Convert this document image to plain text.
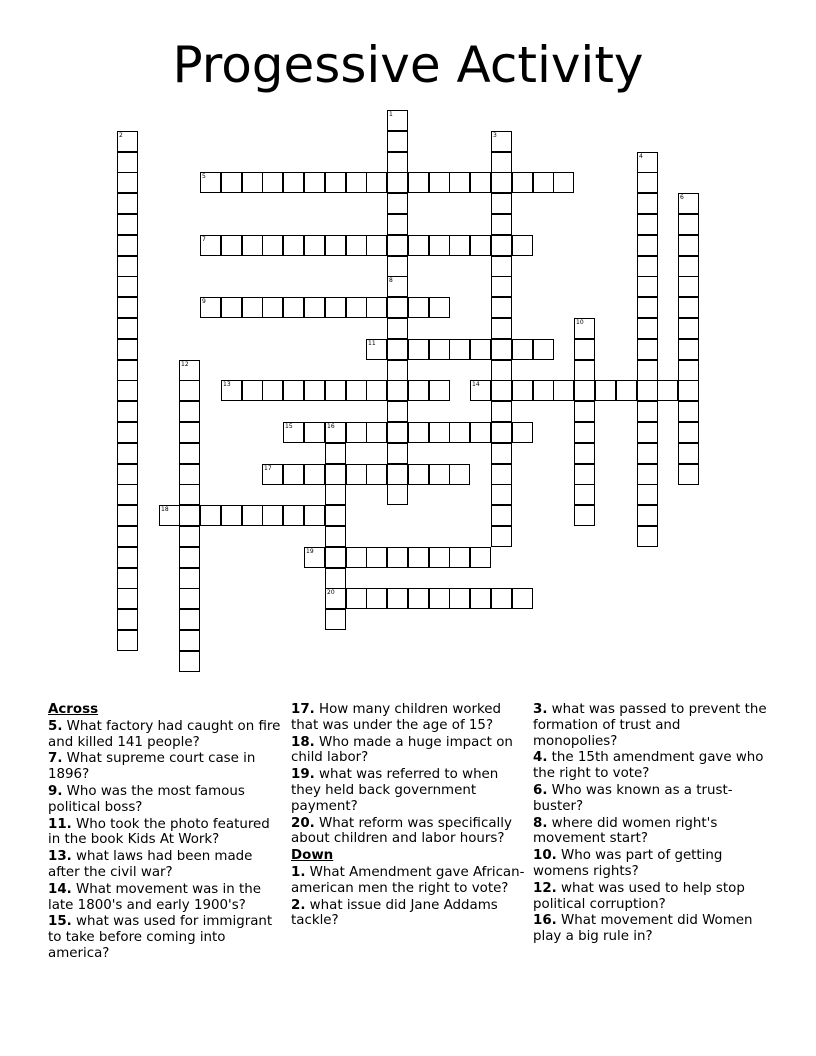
Progessive Activity
1
8
2	3
4
5
6
7
9
10
11
12
13	14
15	16
20
17
18
19
Across
5. What factory had caught on fire and killed 141 people?
7. What supreme court case in 1896?
9. Who was the most famous political boss?
11. Who took the photo featured in the book Kids At Work?
13. what laws had been made after the civil war?
14. What movement was in the late 1800's and early 1900's?
15. what was used for immigrant to take before coming into america?
17. How many children worked that was under the age of 15?
18. Who made a huge impact on child labor?
19. what was referred to when they held back government payment?
20. What reform was specifically about children and labor hours?
Down
1. What Amendment gave African-american men the right to vote?
2. what issue did Jane Addams tackle?
3. what was passed to prevent the formation of trust and monopolies?
4. the 15th amendment gave who the right to vote?
6. Who was known as a trust-buster?
8. where did women right's movement start?
10. Who was part of getting womens rights?
12. what was used to help stop political corruption?
16. What movement did Women play a big rule in?
